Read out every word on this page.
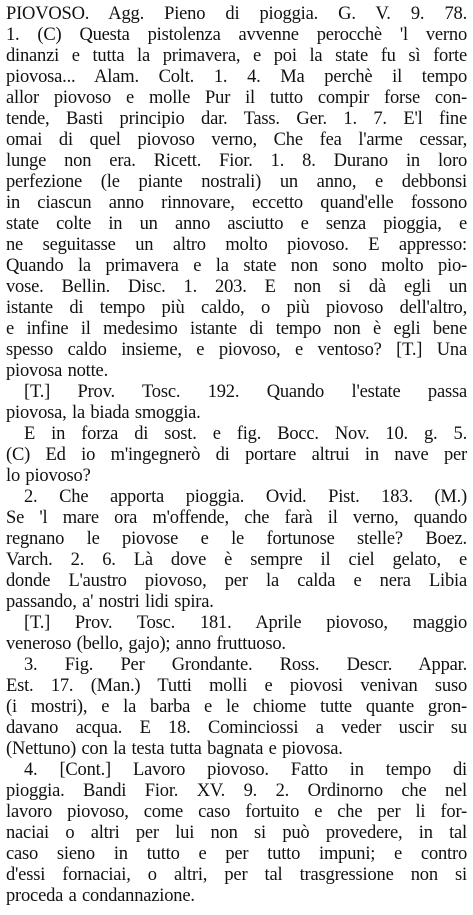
PIOVOSO. Agg. Pieno di pioggia. G. V. 9. 78.
1. (C) Questa pistolenza avvenne perocchè 'l verno
dinanzi e tutta la primavera, e poi la state fu sì forte
piovosa... Alam. Colt. 1. 4. Ma perchè il tempo
allor piovoso e molle Pur il tutto compir forse con-
tende, Basti principio dar. Tass. Ger. 1. 7. E'l fine
omai di quel piovoso verno, Che fea l'arme cessar,
lunge non era. Ricett. Fior. 1. 8. Durano in loro
perfezione (le piante nostrali) un anno, e debbonsi
in ciascun anno rinnovare, eccetto quand'elle fossono
state colte in un anno asciutto e senza pioggia, e
ne seguitasse un altro molto piovoso. E appresso:
Quando la primavera e la state non sono molto pio-
vose. Bellin. Disc. 1. 203. E non si dà egli un
istante di tempo più caldo, o più piovoso dell'altro,
e infine il medesimo istante di tempo non è egli bene
spesso caldo insieme, e piovoso, e ventoso? [T.] Una
piovosa notte.
[T.] Prov. Tosc. 192. Quando l'estate passa
piovosa, la biada smoggia.
E in forza di sost. e fig. Bocc. Nov. 10. g. 5.
(C) Ed io m'ingegnerò di portare altrui in nave per
lo piovoso?
2. Che apporta pioggia. Ovid. Pist. 183. (M.)
Se 'l mare ora m'offende, che farà il verno, quando
regnano le piovose e le fortunose stelle? Boez.
Varch. 2. 6. Là dove è sempre il ciel gelato, e
donde L'austro piovoso, per la calda e nera Libia
passando, a' nostri lidi spira.
[T.] Prov. Tosc. 181. Aprile piovoso, maggio
veneroso (bello, gajo); anno fruttuoso.
3. Fig. Per Grondante. Ross. Descr. Appar.
Est. 17. (Man.) Tutti molli e piovosi venivan suso
(i mostri), e la barba e le chiome tutte quante gron-
davano acqua. E 18. Cominciossi a veder uscir su
(Nettuno) con la testa tutta bagnata e piovosa.
4. [Cont.] Lavoro piovoso. Fatto in tempo di
pioggia. Bandi Fior. XV. 9. 2. Ordinorno che nel
lavoro piovoso, come caso fortuito e che per li for-
naciai o altri per lui non si può provedere, in tal
caso sieno in tutto e per tutto impuni; e contro
d'essi fornaciai, o altri, per tal trasgressione non si
proceda a condannazione.
